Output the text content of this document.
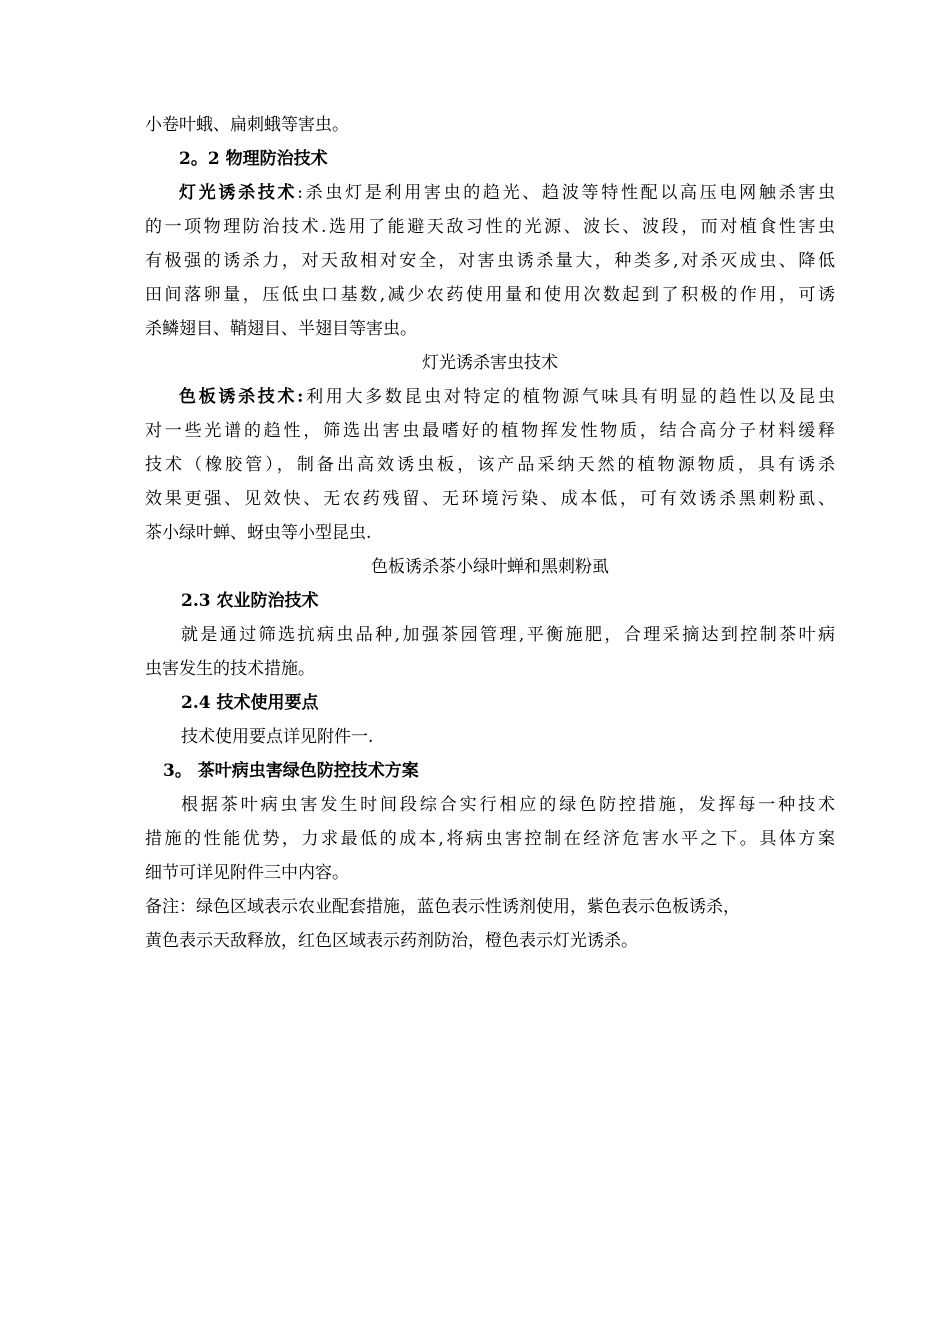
小卷叶蛾、扁刺蛾等害虫。
2。2 物理防治技术
灯光诱杀技术:杀虫灯是利用害虫的趋光、趋波等特性配以高压电网触杀害虫
的一项物理防治技术.选用了能避天敌习性的光源、波长、波段，而对植食性害虫
有极强的诱杀力，对天敌相对安全，对害虫诱杀量大，种类多,对杀灭成虫、降低
田间落卵量，压低虫口基数,减少农药使用量和使用次数起到了积极的作用，可诱
杀鳞翅目、鞘翅目、半翅目等害虫。
灯光诱杀害虫技术
色板诱杀技术:利用大多数昆虫对特定的植物源气味具有明显的趋性以及昆虫
对一些光谱的趋性，筛选出害虫最嗜好的植物挥发性物质，结合高分子材料缓释
技术（橡胶管），制备出高效诱虫板，该产品采纳天然的植物源物质，具有诱杀
效果更强、见效快、无农药残留、无环境污染、成本低，可有效诱杀黑刺粉虱、
茶小绿叶蝉、蚜虫等小型昆虫.
色板诱杀茶小绿叶蝉和黑刺粉虱
2.3 农业防治技术
就是通过筛选抗病虫品种,加强茶园管理,平衡施肥，合理采摘达到控制茶叶病
虫害发生的技术措施。
2.4 技术使用要点
技术使用要点详见附件一.
3。 茶叶病虫害绿色防控技术方案
根据茶叶病虫害发生时间段综合实行相应的绿色防控措施，发挥每一种技术
措施的性能优势，力求最低的成本,将病虫害控制在经济危害水平之下。具体方案
细节可详见附件三中内容。
备注：绿色区域表示农业配套措施，蓝色表示性诱剂使用，紫色表示色板诱杀，
黄色表示天敌释放，红色区域表示药剂防治，橙色表示灯光诱杀。
